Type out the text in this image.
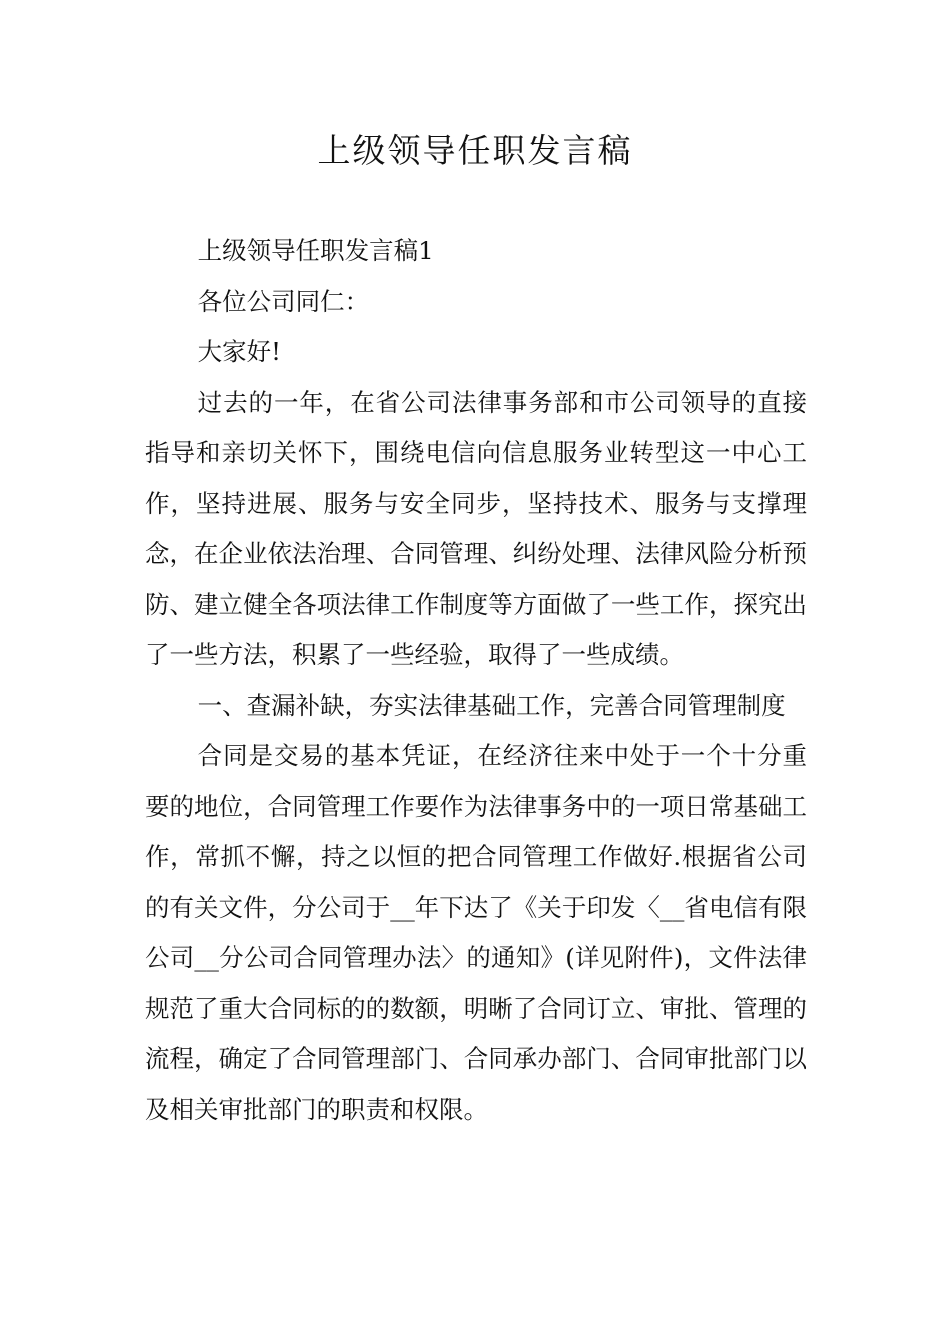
上级领导任职发言稿

上级领导任职发言稿1

各位公司同仁：

大家好!

过去的一年，在省公司法律事务部和市公司领导的直接指导和亲切关怀下，围绕电信向信息服务业转型这一中心工作，坚持进展、服务与安全同步，坚持技术、服务与支撑理念，在企业依法治理、合同管理、纠纷处理、法律风险分析预防、建立健全各项法律工作制度等方面做了一些工作，探究出了一些方法，积累了一些经验，取得了一些成绩。

一、查漏补缺，夯实法律基础工作，完善合同管理制度

合同是交易的基本凭证，在经济往来中处于一个十分重要的地位，合同管理工作要作为法律事务中的一项日常基础工作，常抓不懈，持之以恒的把合同管理工作做好.根据省公司的有关文件，分公司于__年下达了《关于印发〈__省电信有限公司__分公司合同管理办法〉的通知》(详见附件)，文件法律规范了重大合同标的的数额，明晰了合同订立、审批、管理的流程，确定了合同管理部门、合同承办部门、合同审批部门以及相关审批部门的职责和权限。
